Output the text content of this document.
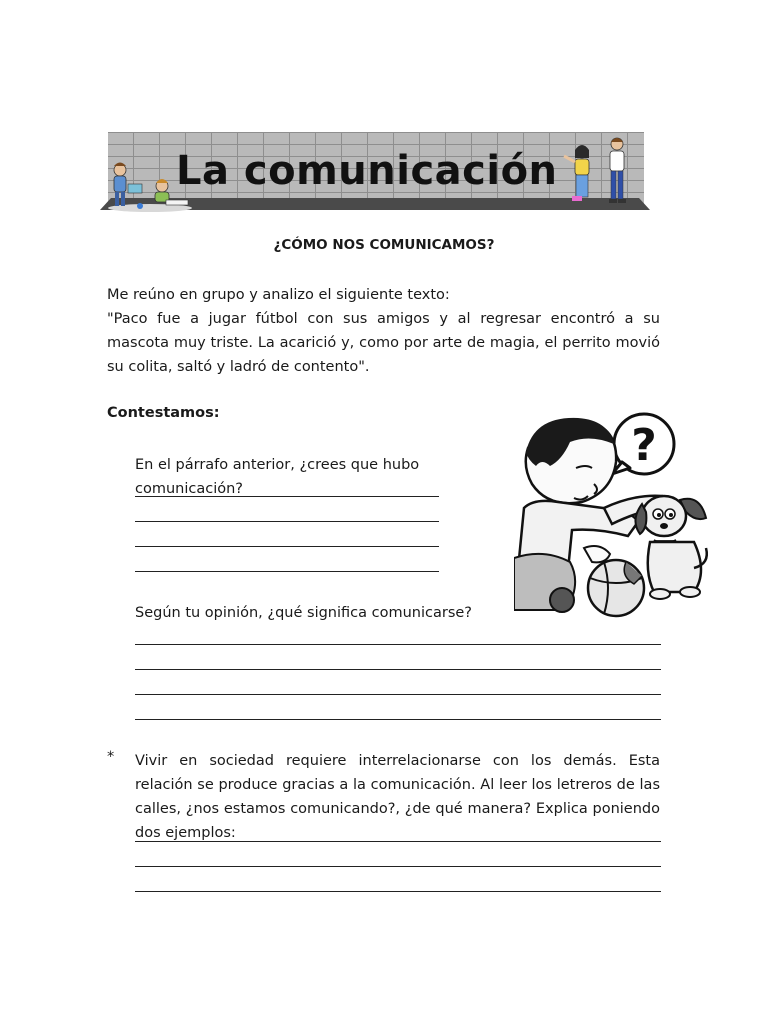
La comunicación
¿CÓMO NOS COMUNICAMOS?
Me reúno en grupo y analizo el siguiente texto:
"Paco fue a jugar fútbol con sus amigos y al regresar encontró a su mascota muy triste. La acarició y, como por arte de magia, el perrito movió su colita, saltó y ladró de contento".
Contestamos:
En el párrafo anterior, ¿crees que hubo comunicación?
?
Según tu opinión, ¿qué significa comunicarse?
* Vivir en sociedad requiere interrelacionarse con los demás. Esta relación se produce gracias a la comunicación. Al leer los letreros de las calles, ¿nos estamos comunicando?, ¿de qué manera? Explica poniendo dos ejemplos:
